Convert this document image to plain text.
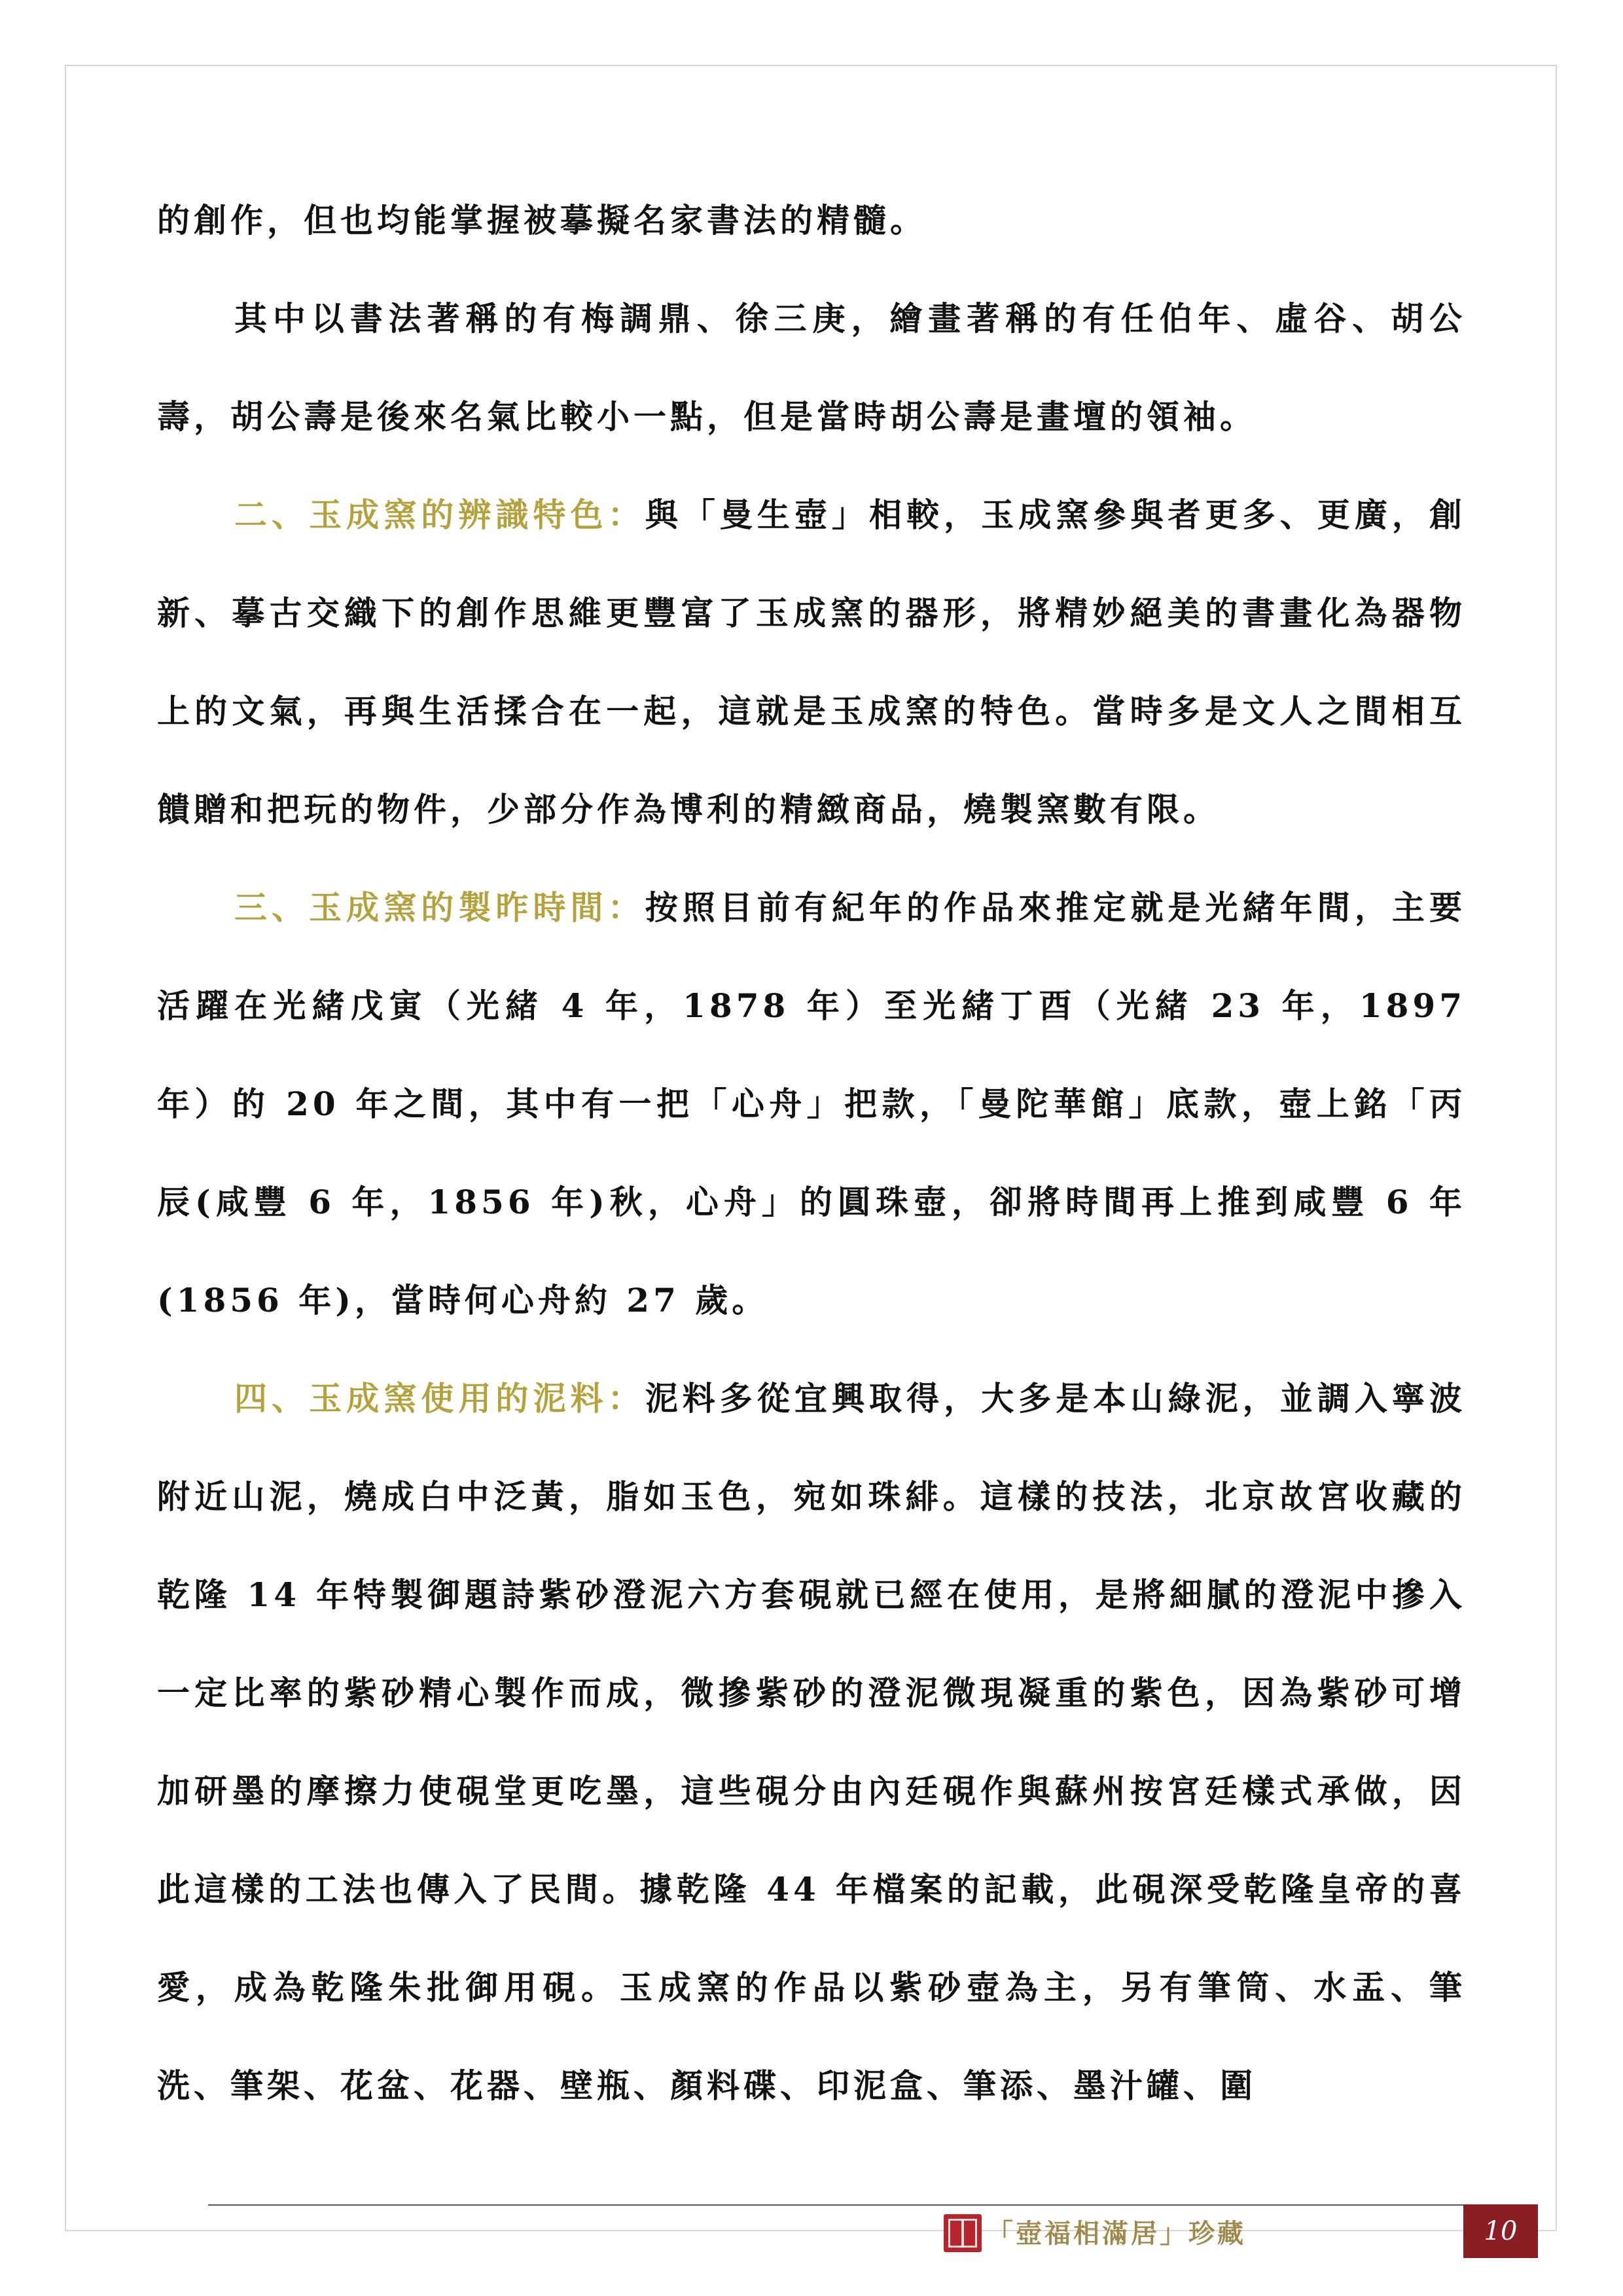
的創作，但也均能掌握被摹擬名家書法的精髓。

其中以書法著稱的有梅調鼎、徐三庚，繪畫著稱的有任伯年、虛谷、胡公壽，胡公壽是後來名氣比較小一點，但是當時胡公壽是畫壇的領袖。

二、玉成窯的辨識特色：與「曼生壺」相較，玉成窯參與者更多、更廣，創新、摹古交織下的創作思維更豐富了玉成窯的器形，將精妙絕美的書畫化為器物上的文氣，再與生活揉合在一起，這就是玉成窯的特色。當時多是文人之間相互饋贈和把玩的物件，少部分作為博利的精緻商品，燒製窯數有限。

三、玉成窯的製昨時間：按照目前有紀年的作品來推定就是光緒年間，主要活躍在光緒戊寅（光緒 4 年，1878 年）至光緒丁酉（光緒 23 年，1897 年）的 20 年之間，其中有一把「心舟」把款，「曼陀華館」底款，壺上銘「丙辰(咸豐 6 年，1856 年)秋，心舟」的圓珠壺，卻將時間再上推到咸豐 6 年(1856 年)，當時何心舟約 27 歲。

四、玉成窯使用的泥料：泥料多從宜興取得，大多是本山綠泥，並調入寧波附近山泥，燒成白中泛黃，脂如玉色，宛如珠緋。這樣的技法，北京故宮收藏的乾隆 14 年特製御題詩紫砂澄泥六方套硯就已經在使用，是將細膩的澄泥中摻入一定比率的紫砂精心製作而成，微摻紫砂的澄泥微現凝重的紫色，因為紫砂可增加研墨的摩擦力使硯堂更吃墨，這些硯分由內廷硯作與蘇州按宮廷樣式承做，因此這樣的工法也傳入了民間。據乾隆 44 年檔案的記載，此硯深受乾隆皇帝的喜愛，成為乾隆朱批御用硯。玉成窯的作品以紫砂壺為主，另有筆筒、水盂、筆洗、筆架、花盆、花器、壁瓶、顏料碟、印泥盒、筆添、墨汁罐、圍

「壺福相滿居」珍藏	10
